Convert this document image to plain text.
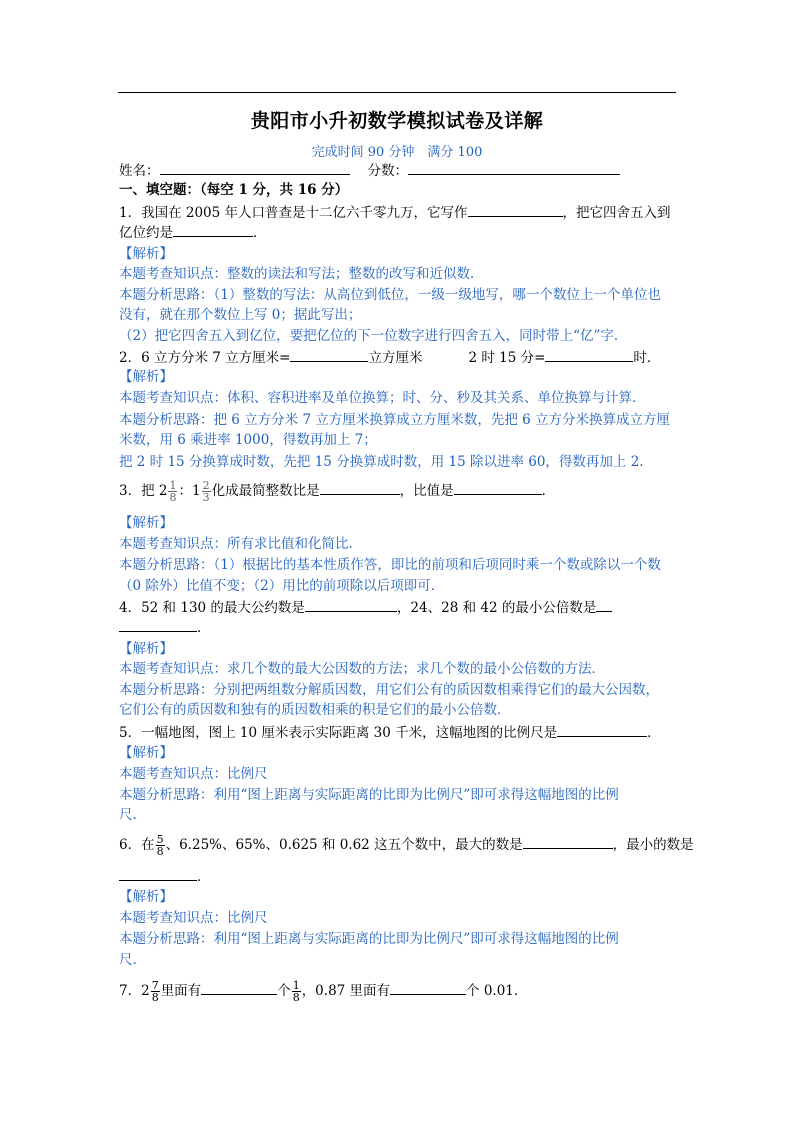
贵阳市小升初数学模拟试卷及详解
完成时间 90 分钟　满分 100
姓名：	分数：
一、填空题：（每空 1 分，共 16 分）
1．我国在 2005 年人口普查是十二亿六千零九万，它写作	，把它四舍五入到
亿位约是	．
【解析】
本题考查知识点：整数的读法和写法；整数的改写和近似数．
本题分析思路：（1）整数的写法：从高位到低位，一级一级地写，哪一个数位上一个单位也
没有，就在那个数位上写 0；据此写出；
（2）把它四舍五入到亿位，要把亿位的下一位数字进行四舍五入，同时带上“亿”字．
2．6 立方分米 7 立方厘米=	立方厘米	2 时 15 分=	时．
【解析】
本题考查知识点：体积、容积进率及单位换算；时、分、秒及其关系、单位换算与计算．
本题分析思路：把 6 立方分米 7 立方厘米换算成立方厘米数，先把 6 立方分米换算成立方厘
米数，用 6 乘进率 1000，得数再加上 7；
把 2 时 15 分换算成时数，先把 15 分换算成时数，用 15 除以进率 60，得数再加上 2.
3．把 $2 \frac{1}{8}$ ：$1 \frac{2}{3}$ 化成最简整数比是	，比值是	．
【解析】
本题考查知识点：所有求比值和化简比．
本题分析思路：（1）根据比的基本性质作答，即比的前项和后项同时乘一个数或除以一个数
（0 除外）比值不变；（2）用比的前项除以后项即可．
4．52 和 130 的最大公约数是	，24、28 和 42 的最小公倍数是
．
【解析】
本题考查知识点：求几个数的最大公因数的方法；求几个数的最小公倍数的方法．
本题分析思路：分别把两组数分解质因数，用它们公有的质因数相乘得它们的最大公因数，
它们公有的质因数和独有的质因数相乘的积是它们的最小公倍数．
5．一幅地图，图上 10 厘米表示实际距离 30 千米，这幅地图的比例尺是	．
【解析】
本题考查知识点：比例尺
本题分析思路：利用“图上距离与实际距离的比即为比例尺”即可求得这幅地图的比例
尺.
6．在 $\frac{5}{8}$ 、6.25%、65%、0.625 和 0.62 这五个数中，最大的数是	，最小的数是
．
【解析】
本题考查知识点：比例尺
本题分析思路：利用“图上距离与实际距离的比即为比例尺”即可求得这幅地图的比例
尺.
7．$2 \frac{7}{8}$ 里面有	个 $\frac{1}{8}$ ，0.87 里面有	个 0.01．
